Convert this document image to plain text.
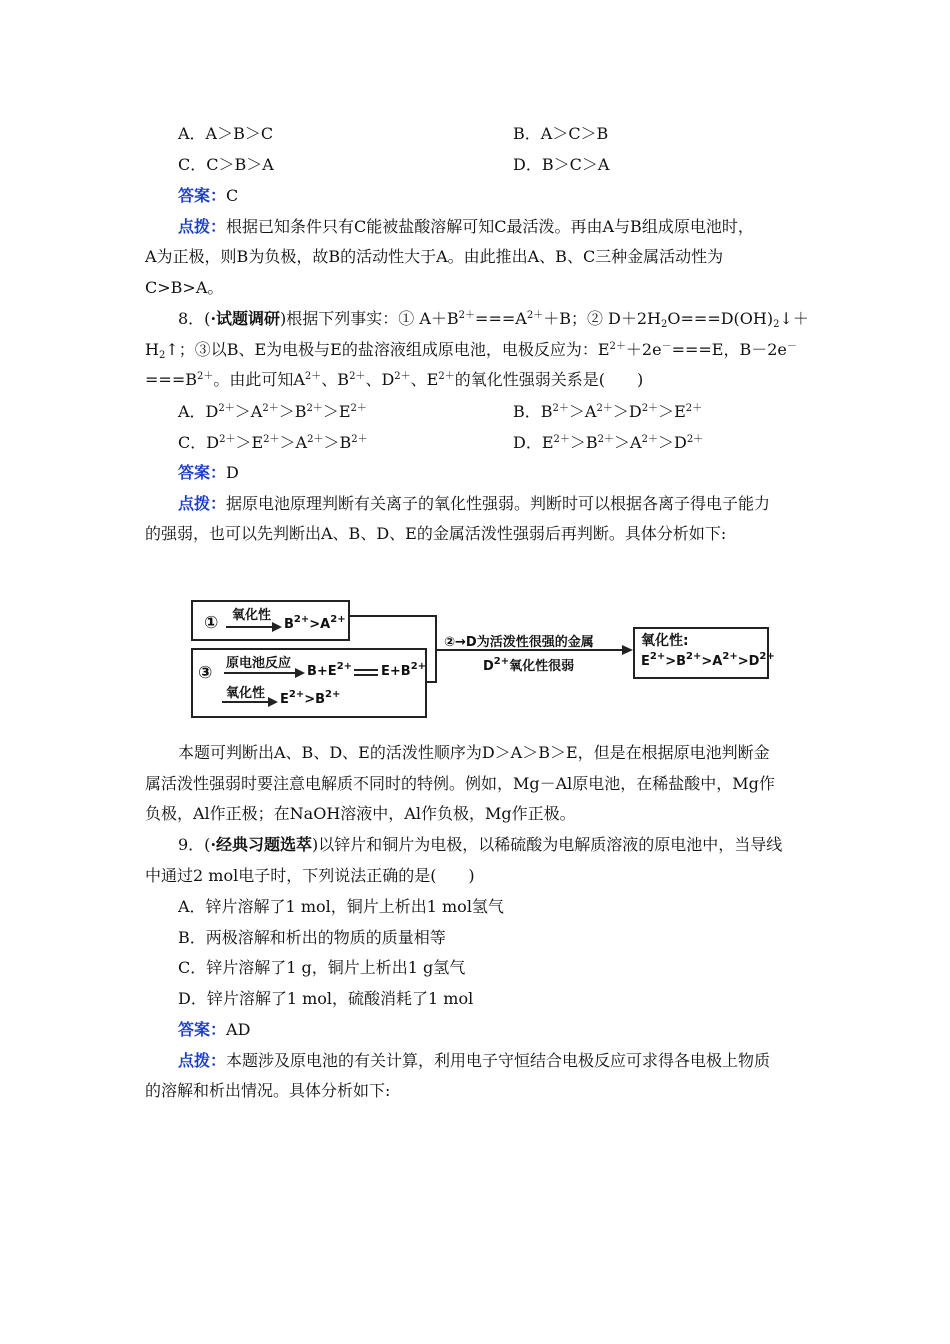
A．A＞B＞C	B．A＞C＞B
C．C＞B＞A	D．B＞C＞A
答案：C
点拨：根据已知条件只有C能被盐酸溶解可知C最活泼。再由A与B组成原电池时，
A为正极，则B为负极，故B的活动性大于A。由此推出A、B、C三种金属活动性为
C>B>A。
8．(·试题调研)根据下列事实：① $A+B^{2+}===A^{2+}+B$；② $D+2H_2O===D(OH)_2↓+$
$H_2↑$；③以B、E为电极与E的盐溶液组成原电池，电极反应为：$E^{2+}+2e^-===E$，B－2e－
$===B^{2+}$。由此可知$A^{2+}$、$B^{2+}$、$D^{2+}$、$E^{2+}$的氧化性强弱关系是(　　)
A．$D^{2+}>A^{2+}>B^{2+}>E^{2+}$	B．$B^{2+}>A^{2+}>D^{2+}>E^{2+}$
C．$D^{2+}>E^{2+}>A^{2+}>B^{2+}$	D．$E^{2+}>B^{2+}>A^{2+}>D^{2+}$
答案：D
点拨：据原电池原理判断有关离子的氧化性强弱。判断时可以根据各离子得电子能力
的强弱，也可以先判断出A、B、D、E的金属活泼性强弱后再判断。具体分析如下:
① 氧化性
$B^{2+}>A^{2+}$
③ 原电池反应
$B+E^{2+}$ $E+B^{2+}$
氧化性 $E^{2+}>B^{2+}$
②→D为活泼性很强的金属
$D^{2+}$氧化性很弱
氧化性:
$E^{2+}>B^{2+}>A^{2+}>D^{2+}$
本题可判断出A、B、D、E的活泼性顺序为D＞A＞B＞E，但是在根据原电池判断金
属活泼性强弱时要注意电解质不同时的特例。例如，Mg－Al原电池，在稀盐酸中，Mg作
负极，Al作正极；在NaOH溶液中，Al作负极，Mg作正极。
9．(·经典习题选萃)以锌片和铜片为电极，以稀硫酸为电解质溶液的原电池中，当导线
中通过2 mol电子时，下列说法正确的是(　　)
A．锌片溶解了1 mol，铜片上析出1 mol氢气
B．两极溶解和析出的物质的质量相等
C．锌片溶解了1 g，铜片上析出1 g氢气
D．锌片溶解了1 mol，硫酸消耗了1 mol
答案：AD
点拨：本题涉及原电池的有关计算，利用电子守恒结合电极反应可求得各电极上物质
的溶解和析出情况。具体分析如下:
